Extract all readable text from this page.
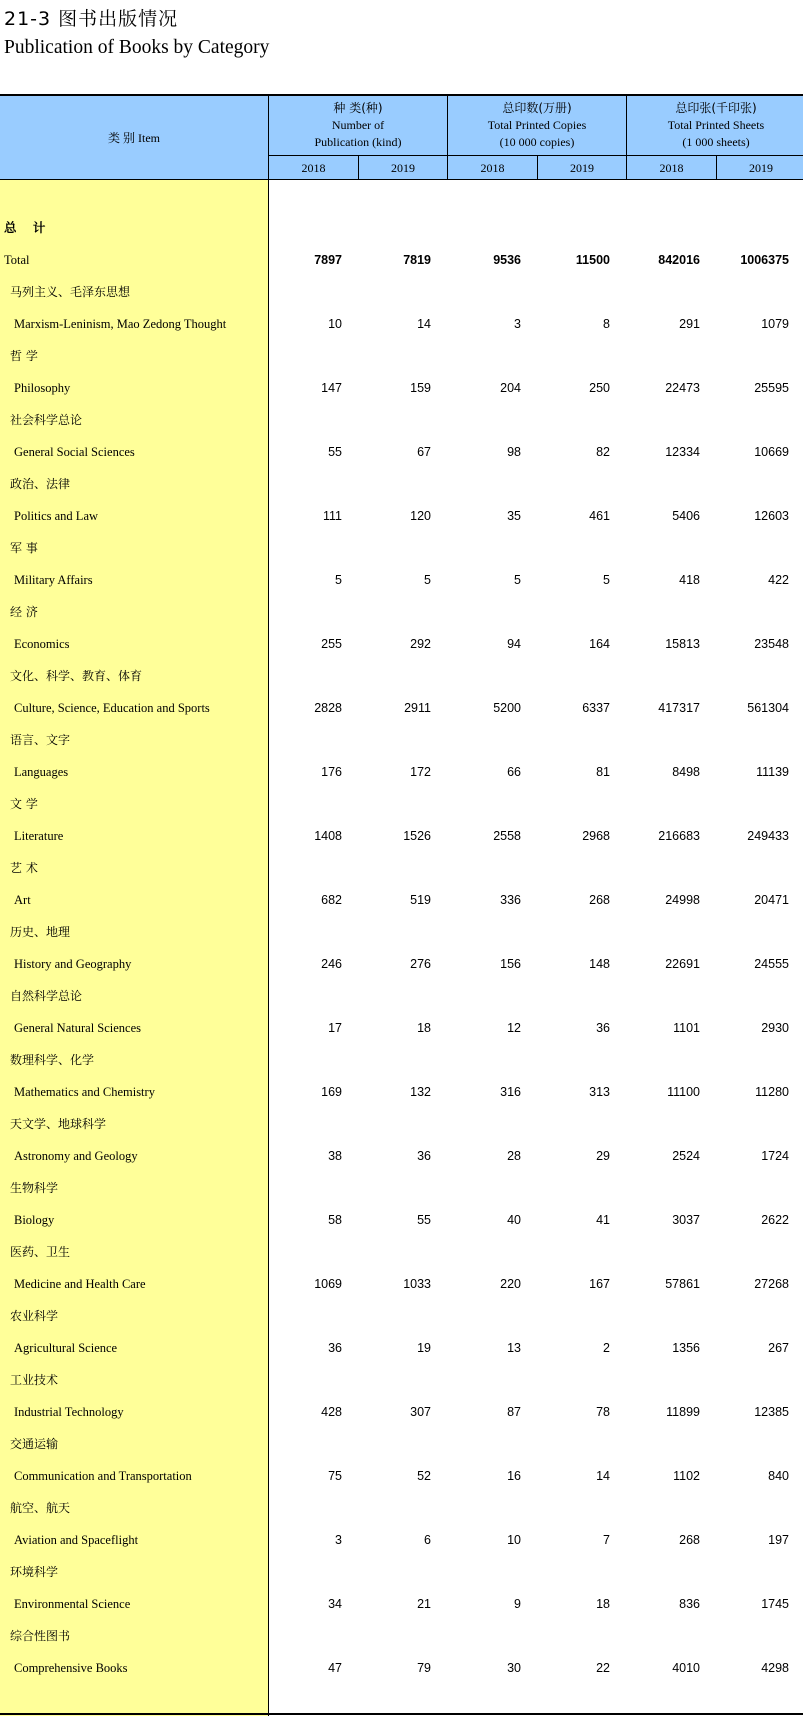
21-3 图书出版情况
Publication of Books by Category
类 别 Item
种 类(种)
Number of
Publication (kind)
总印数(万册)
Total Printed Copies
(10 000 copies)
总印张(千印张)
Total Printed Sheets
(1 000 sheets)
2018	2019	2018	2019	2018	2019
总 计
Total	7897	7819	9536	11500	842016	1006375
马列主义、毛泽东思想
Marxism-Leninism, Mao Zedong Thought	10	14	3	8	291	1079
哲 学
Philosophy	147	159	204	250	22473	25595
社会科学总论
General Social Sciences	55	67	98	82	12334	10669
政治、法律
Politics and Law	111	120	35	461	5406	12603
军 事
Military Affairs	5	5	5	5	418	422
经 济
Economics	255	292	94	164	15813	23548
文化、科学、教育、体育
Culture, Science, Education and Sports	2828	2911	5200	6337	417317	561304
语言、文字
Languages	176	172	66	81	8498	11139
文 学
Literature	1408	1526	2558	2968	216683	249433
艺 术
Art	682	519	336	268	24998	20471
历史、地理
History and Geography	246	276	156	148	22691	24555
自然科学总论
General Natural Sciences	17	18	12	36	1101	2930
数理科学、化学
Mathematics and Chemistry	169	132	316	313	11100	11280
天文学、地球科学
Astronomy and Geology	38	36	28	29	2524	1724
生物科学
Biology	58	55	40	41	3037	2622
医药、卫生
Medicine and Health Care	1069	1033	220	167	57861	27268
农业科学
Agricultural Science	36	19	13	2	1356	267
工业技术
Industrial Technology	428	307	87	78	11899	12385
交通运输
Communication and Transportation	75	52	16	14	1102	840
航空、航天
Aviation and Spaceflight	3	6	10	7	268	197
环境科学
Environmental Science	34	21	9	18	836	1745
综合性图书
Comprehensive Books	47	79	30	22	4010	4298
